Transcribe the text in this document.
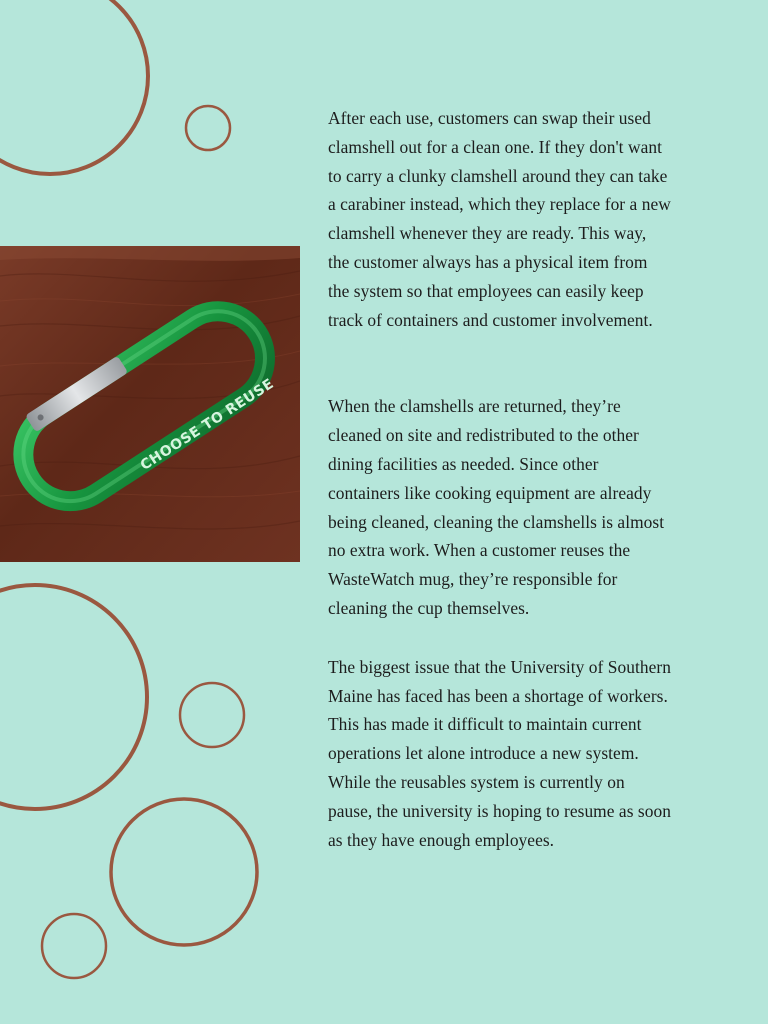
CHOOSE TO REUSE

After each use, customers can swap their used
clamshell out for a clean one. If they don't want
to carry a clunky clamshell around they can take
a carabiner instead, which they replace for a new
clamshell whenever they are ready. This way,
the customer always has a physical item from
the system so that employees can easily keep
track of containers and customer involvement.

When the clamshells are returned, they’re
cleaned on site and redistributed to the other
dining facilities as needed. Since other
containers like cooking equipment are already
being cleaned, cleaning the clamshells is almost
no extra work. When a customer reuses the
WasteWatch mug, they’re responsible for
cleaning the cup themselves.

The biggest issue that the University of Southern
Maine has faced has been a shortage of workers.
This has made it difficult to maintain current
operations let alone introduce a new system.
While the reusables system is currently on
pause, the university is hoping to resume as soon
as they have enough employees.
